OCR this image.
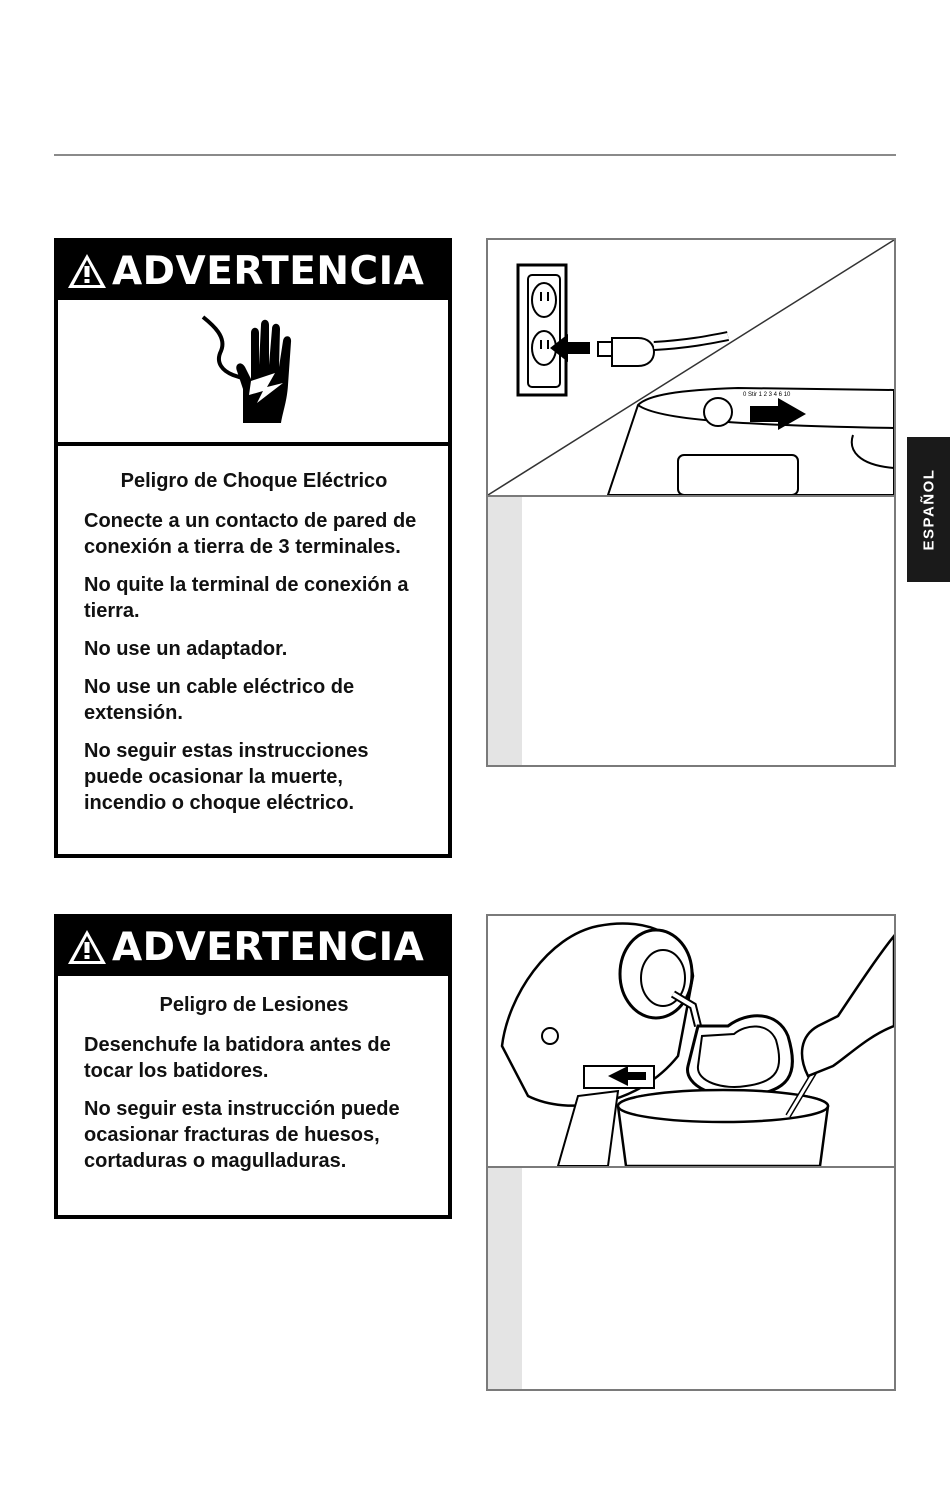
ADVERTENCIA
Peligro de Choque Eléctrico

Conecte a un contacto de pared de conexión a tierra de 3 terminales.

No quite la terminal de conexión a tierra.

No use un adaptador.

No use un cable eléctrico de extensión.

No seguir estas instrucciones puede ocasionar la muerte, incendio o choque eléctrico.

ADVERTENCIA
Peligro de Lesiones

Desenchufe la batidora antes de tocar los batidores.

No seguir esta instrucción puede ocasionar fracturas de huesos, cortaduras o magulladuras.

0 Stir 1 2 3 4 6 10
ESPAÑOL
